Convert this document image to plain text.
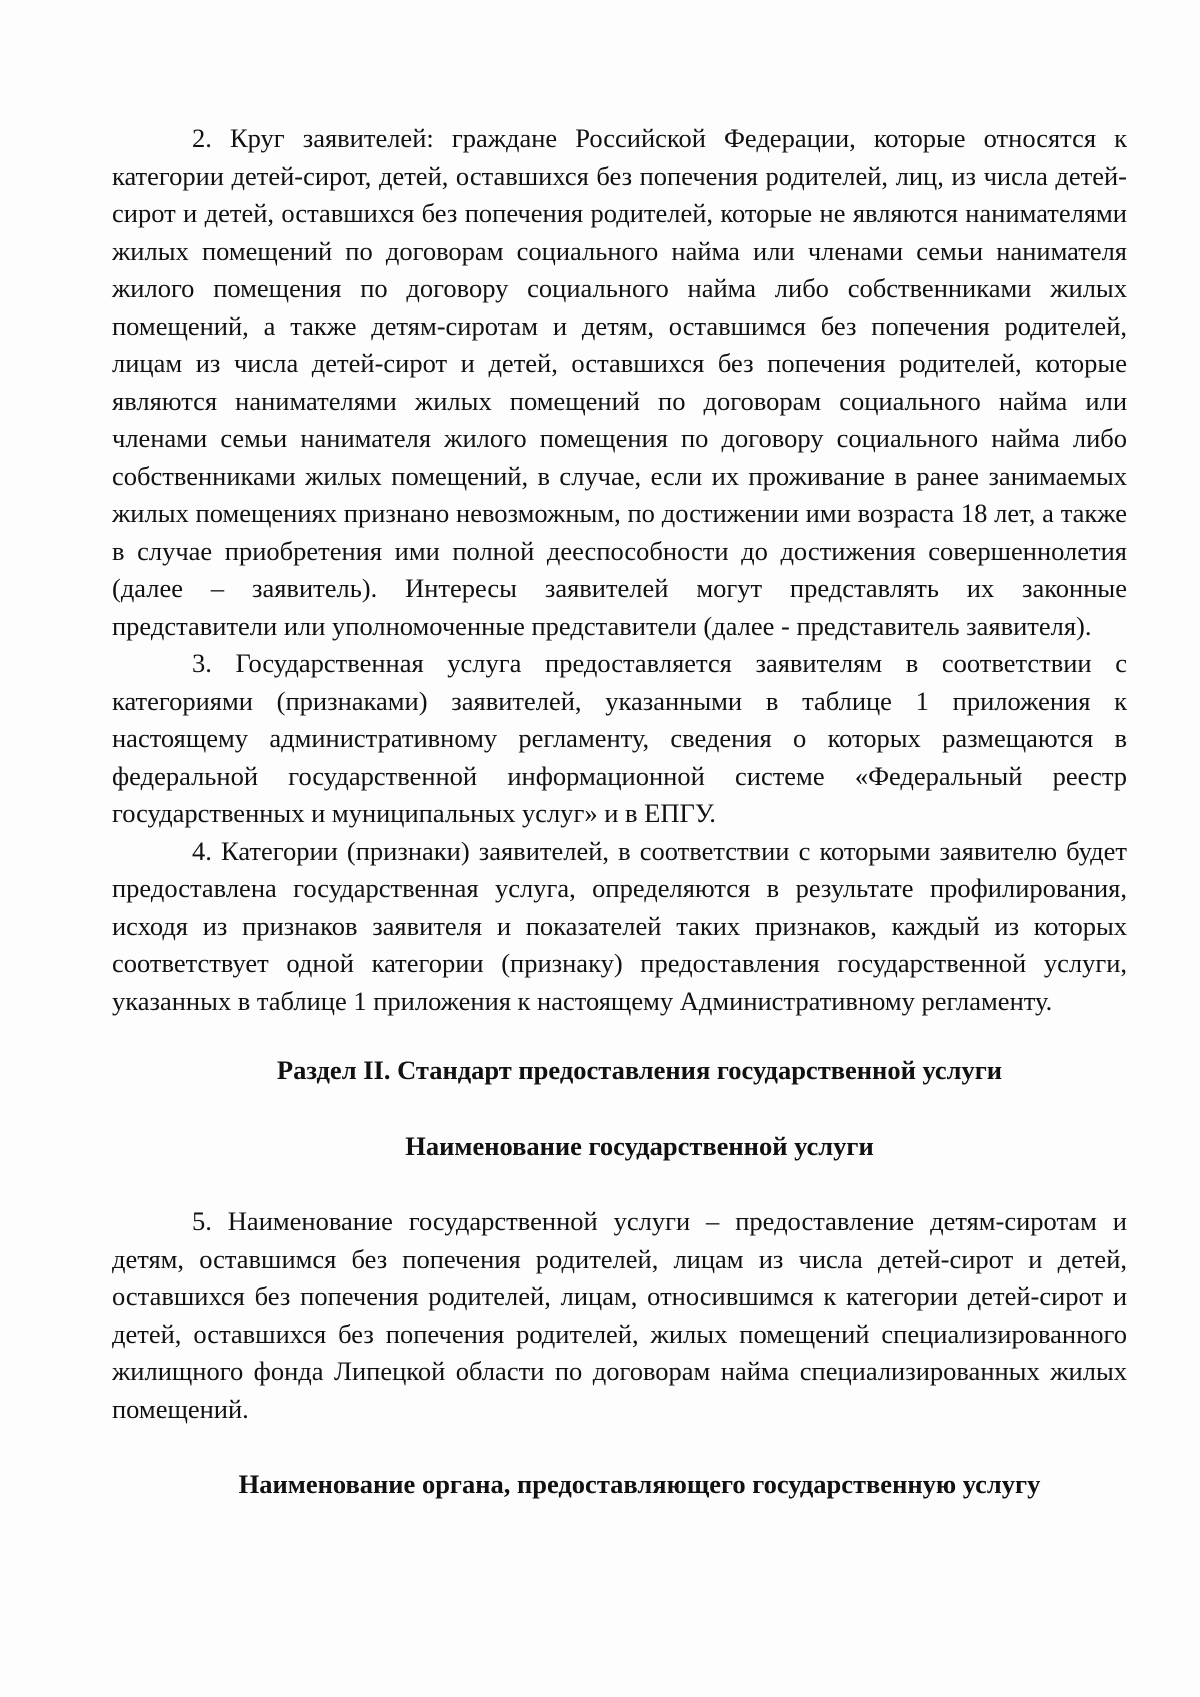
2. Круг заявителей: граждане Российской Федерации, которые относятся к категории детей-сирот, детей, оставшихся без попечения родителей, лиц, из числа детей-сирот и детей, оставшихся без попечения родителей, которые не являются нанимателями жилых помещений по договорам социального найма или членами семьи нанимателя жилого помещения по договору социального найма либо собственниками жилых помещений, а также детям-сиротам и детям, оставшимся без попечения родителей, лицам из числа детей-сирот и детей, оставшихся без попечения родителей, которые являются нанимателями жилых помещений по договорам социального найма или членами семьи нанимателя жилого помещения по договору социального найма либо собственниками жилых помещений, в случае, если их проживание в ранее занимаемых жилых помещениях признано невозможным, по достижении ими возраста 18 лет, а также в случае приобретения ими полной дееспособности до достижения совершеннолетия (далее – заявитель). Интересы заявителей могут представлять их законные представители или уполномоченные представители (далее - представитель заявителя).

3. Государственная услуга предоставляется заявителям в соответствии с категориями (признаками) заявителей, указанными в таблице 1 приложения к настоящему административному регламенту, сведения о которых размещаются в федеральной государственной информационной системе «Федеральный реестр государственных и муниципальных услуг» и в ЕПГУ.

4. Категории (признаки) заявителей, в соответствии с которыми заявителю будет предоставлена государственная услуга, определяются в результате профилирования, исходя из признаков заявителя и показателей таких признаков, каждый из которых соответствует одной категории (признаку) предоставления государственной услуги, указанных в таблице 1 приложения к настоящему Административному регламенту.

Раздел II. Стандарт предоставления государственной услуги

Наименование государственной услуги

5. Наименование государственной услуги – предоставление детям-сиротам и детям, оставшимся без попечения родителей, лицам из числа детей-сирот и детей, оставшихся без попечения родителей, лицам, относившимся к категории детей-сирот и детей, оставшихся без попечения родителей, жилых помещений специализированного жилищного фонда Липецкой области по договорам найма специализированных жилых помещений.

Наименование органа, предоставляющего государственную услугу
